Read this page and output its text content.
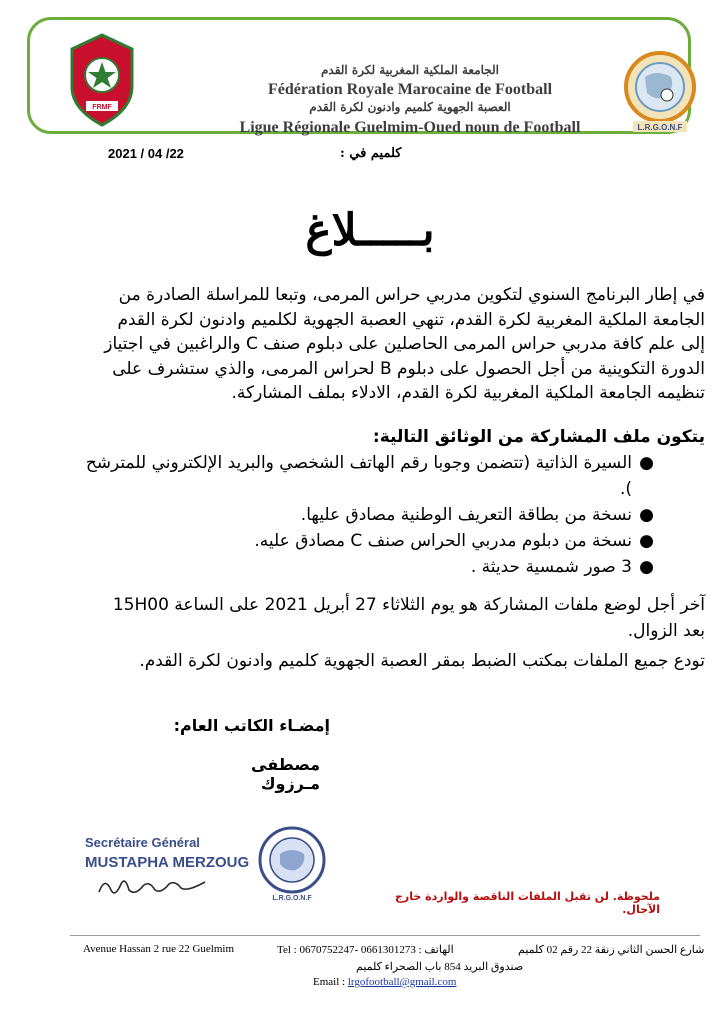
FRMF
الجامعة الملكية المغربية لكرة القدم
Fédération Royale Marocaine de Football
العصبة الجهوية كلميم وادنون لكرة القدم
Ligue Régionale Guelmim-Oued noun de Football	L.R.G.O.N.F
2021 / 04 /22	كلميم في :
بـــــلاغ
في إطار البرنامج السنوي لتكوين مدربي حراس المرمى، وتبعا للمراسلة الصادرة من الجامعة الملكية المغربية لكرة القدم، تنهي العصبة الجهوية لكلميم وادنون لكرة القدم إلى علم كافة مدربي حراس المرمى الحاصلين على دبلوم صنف C والراغبين في اجتياز الدورة التكوينية من أجل الحصول على دبلوم B لحراس المرمى، والذي ستشرف على تنظيمه الجامعة الملكية المغربية لكرة القدم، الادلاء بملف المشاركة.
يتكون ملف المشاركة من الوثائق التالية:
●
السيرة الذاتية (تتضمن وجوبا رقم الهاتف الشخصي والبريد الإلكتروني للمترشح ).
●
نسخة من بطاقة التعريف الوطنية مصادق عليها.
●
نسخة من دبلوم مدربي الحراس صنف C مصادق عليه.
●
3 صور شمسية حديثة .
آخر أجل لوضع ملفات المشاركة هو يوم الثلاثاء 27 أبريل 2021 على الساعة 15H00 بعد الزوال.
تودع جميع الملفات بمكتب الضبط بمقر العصبة الجهوية كلميم وادنون لكرة القدم.
إمضـاء الكاتب العام:
مصطفى مـرزوك
Secrétaire Général
MUSTAPHA MERZOUG
L.R.G.O.N.F	ملحوظة. لن تقبل الملفات الناقصة والواردة خارج الآجال.
Avenue Hassan 2 rue 22 Guelmim	Tel : 0670752247- 0661301273 : الهاتف	شارع الحسن الثاني زنقة 22 رقم 02 كلميم
صندوق البريد 854 باب الصحراء كلميم
Email : lrgofootball@gmail.com
